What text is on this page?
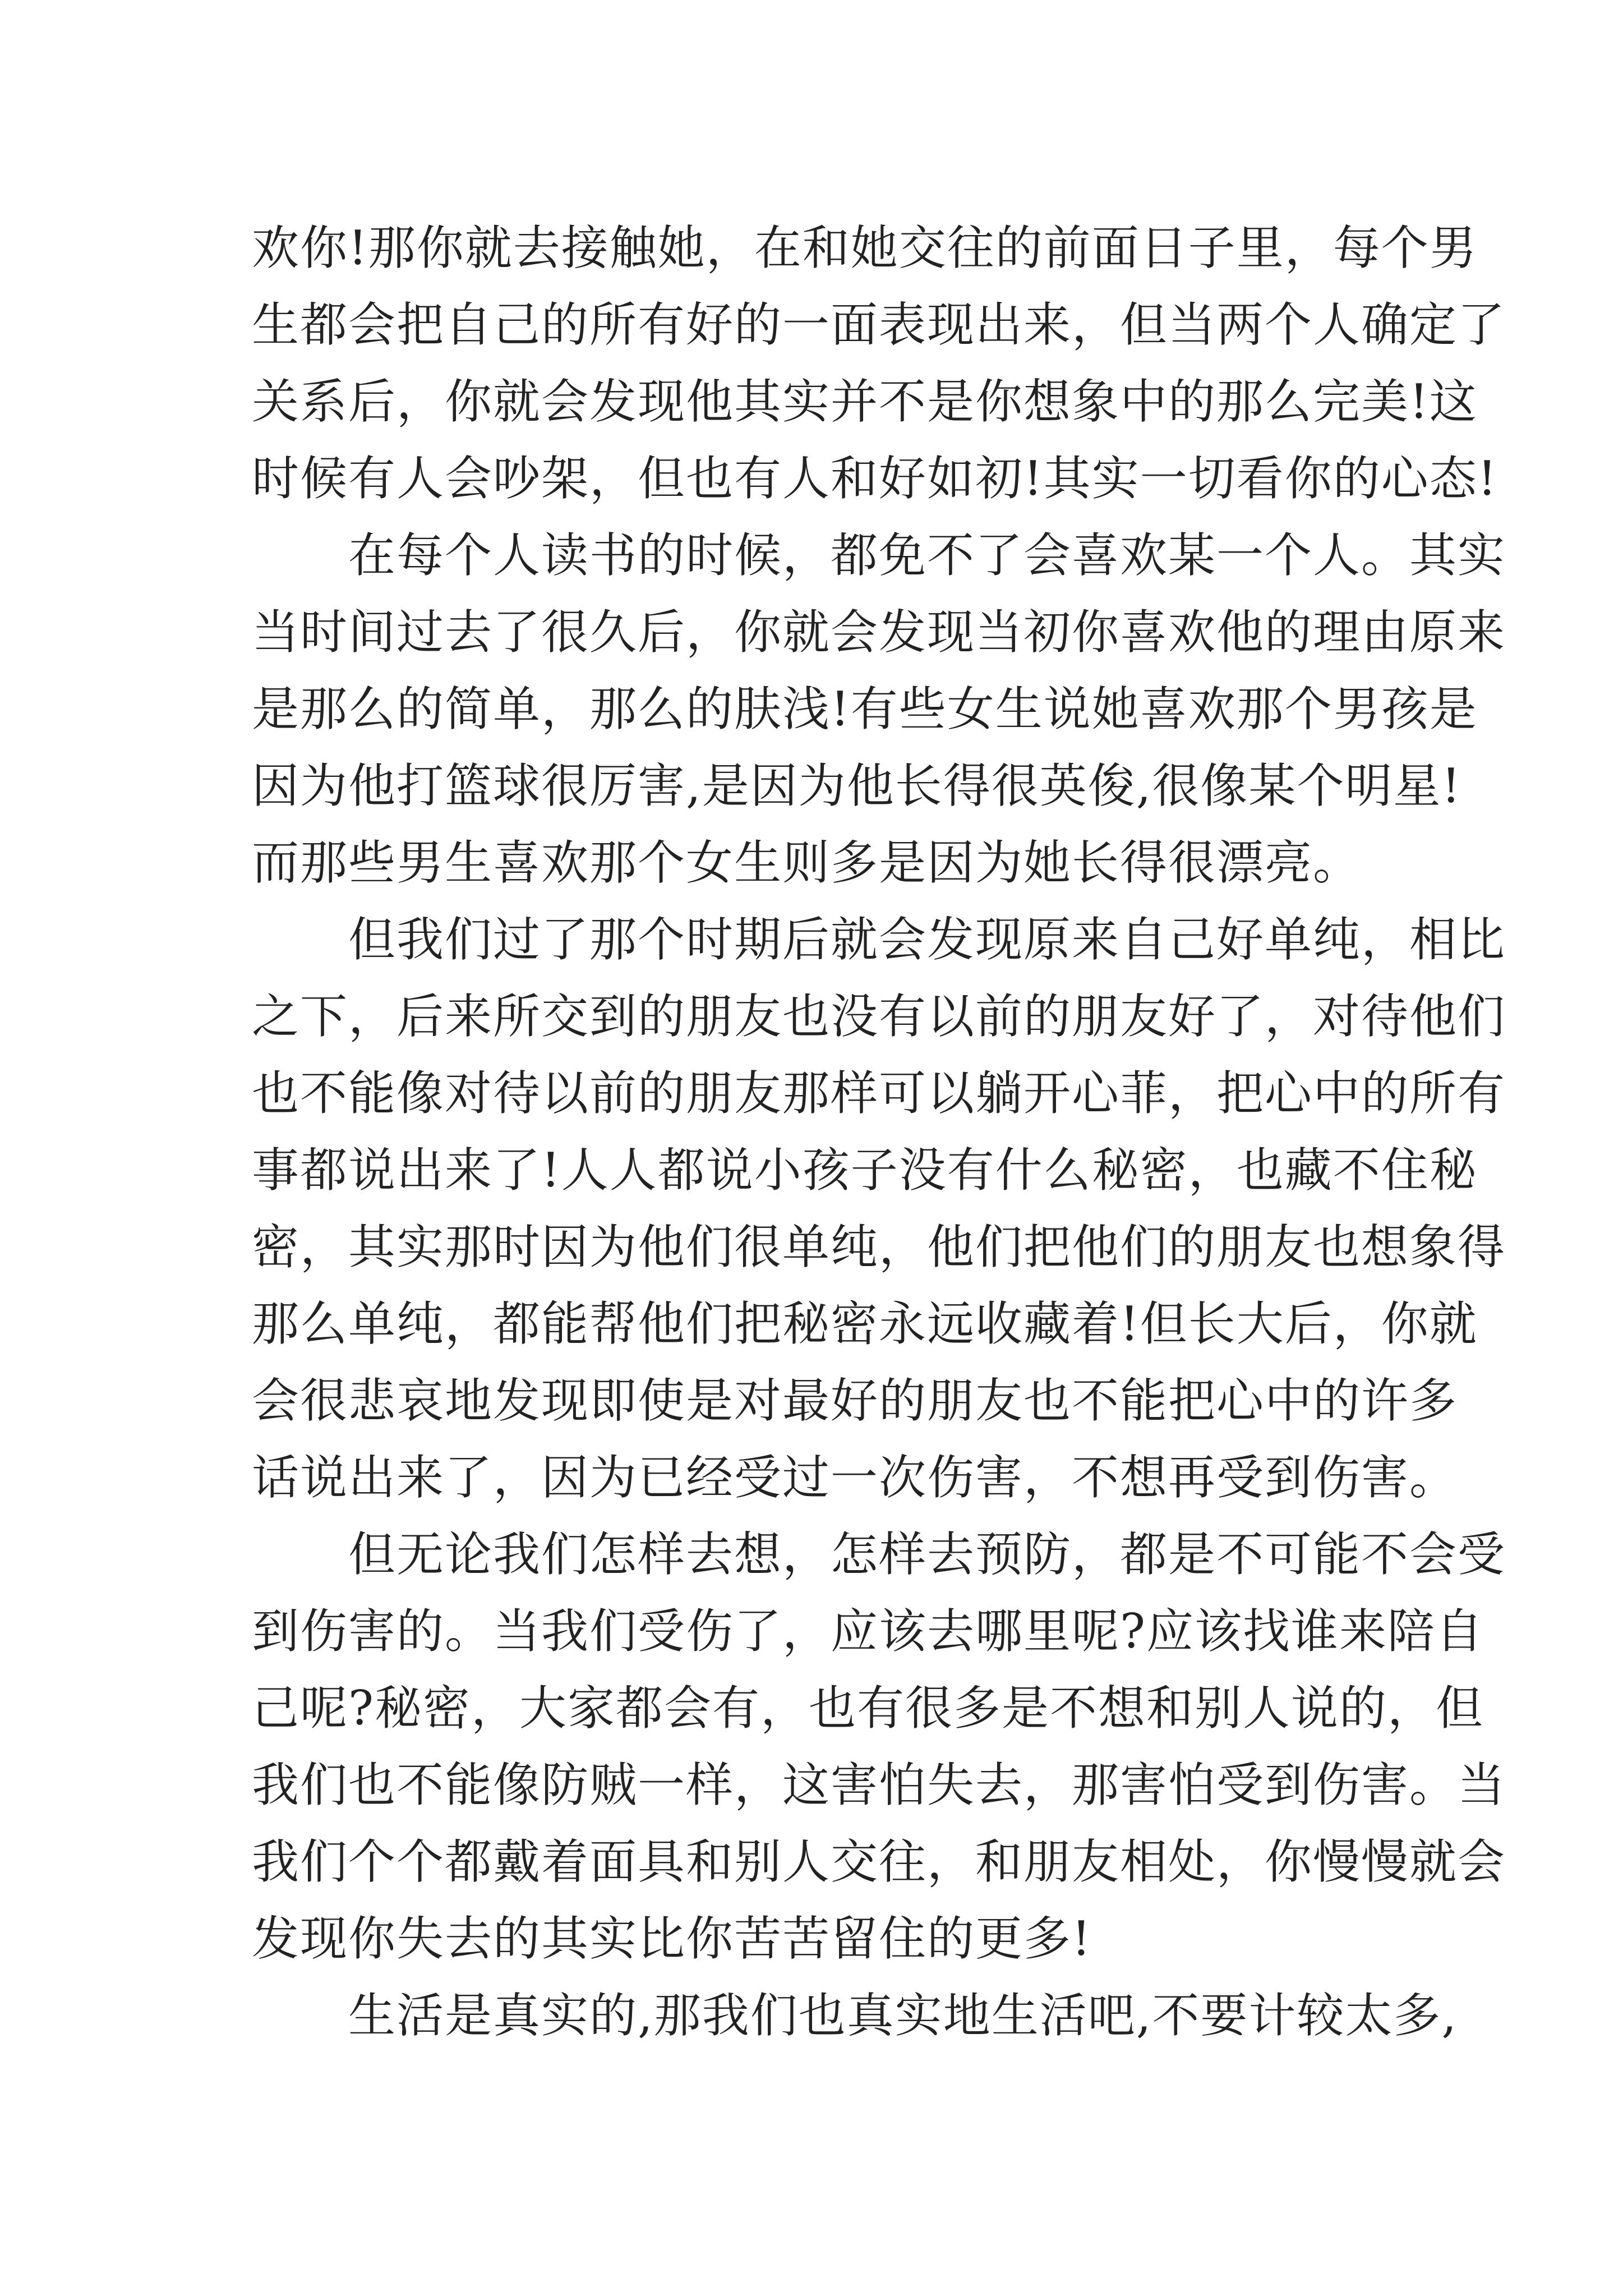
欢你!那你就去接触她，在和她交往的前面日子里，每个男
生都会把自己的所有好的一面表现出来，但当两个人确定了
关系后，你就会发现他其实并不是你想象中的那么完美!这
时候有人会吵架，但也有人和好如初!其实一切看你的心态!
　　在每个人读书的时候，都免不了会喜欢某一个人。其实
当时间过去了很久后，你就会发现当初你喜欢他的理由原来
是那么的简单，那么的肤浅!有些女生说她喜欢那个男孩是
因为他打篮球很厉害,是因为他长得很英俊,很像某个明星!
而那些男生喜欢那个女生则多是因为她长得很漂亮。
　　但我们过了那个时期后就会发现原来自己好单纯，相比
之下，后来所交到的朋友也没有以前的朋友好了，对待他们
也不能像对待以前的朋友那样可以躺开心菲，把心中的所有
事都说出来了!人人都说小孩子没有什么秘密，也藏不住秘
密，其实那时因为他们很单纯，他们把他们的朋友也想象得
那么单纯，都能帮他们把秘密永远收藏着!但长大后，你就
会很悲哀地发现即使是对最好的朋友也不能把心中的许多
话说出来了，因为已经受过一次伤害，不想再受到伤害。
　　但无论我们怎样去想，怎样去预防，都是不可能不会受
到伤害的。当我们受伤了，应该去哪里呢?应该找谁来陪自
己呢?秘密，大家都会有，也有很多是不想和别人说的，但
我们也不能像防贼一样，这害怕失去，那害怕受到伤害。当
我们个个都戴着面具和别人交往，和朋友相处，你慢慢就会
发现你失去的其实比你苦苦留住的更多!
　　生活是真实的,那我们也真实地生活吧,不要计较太多,
